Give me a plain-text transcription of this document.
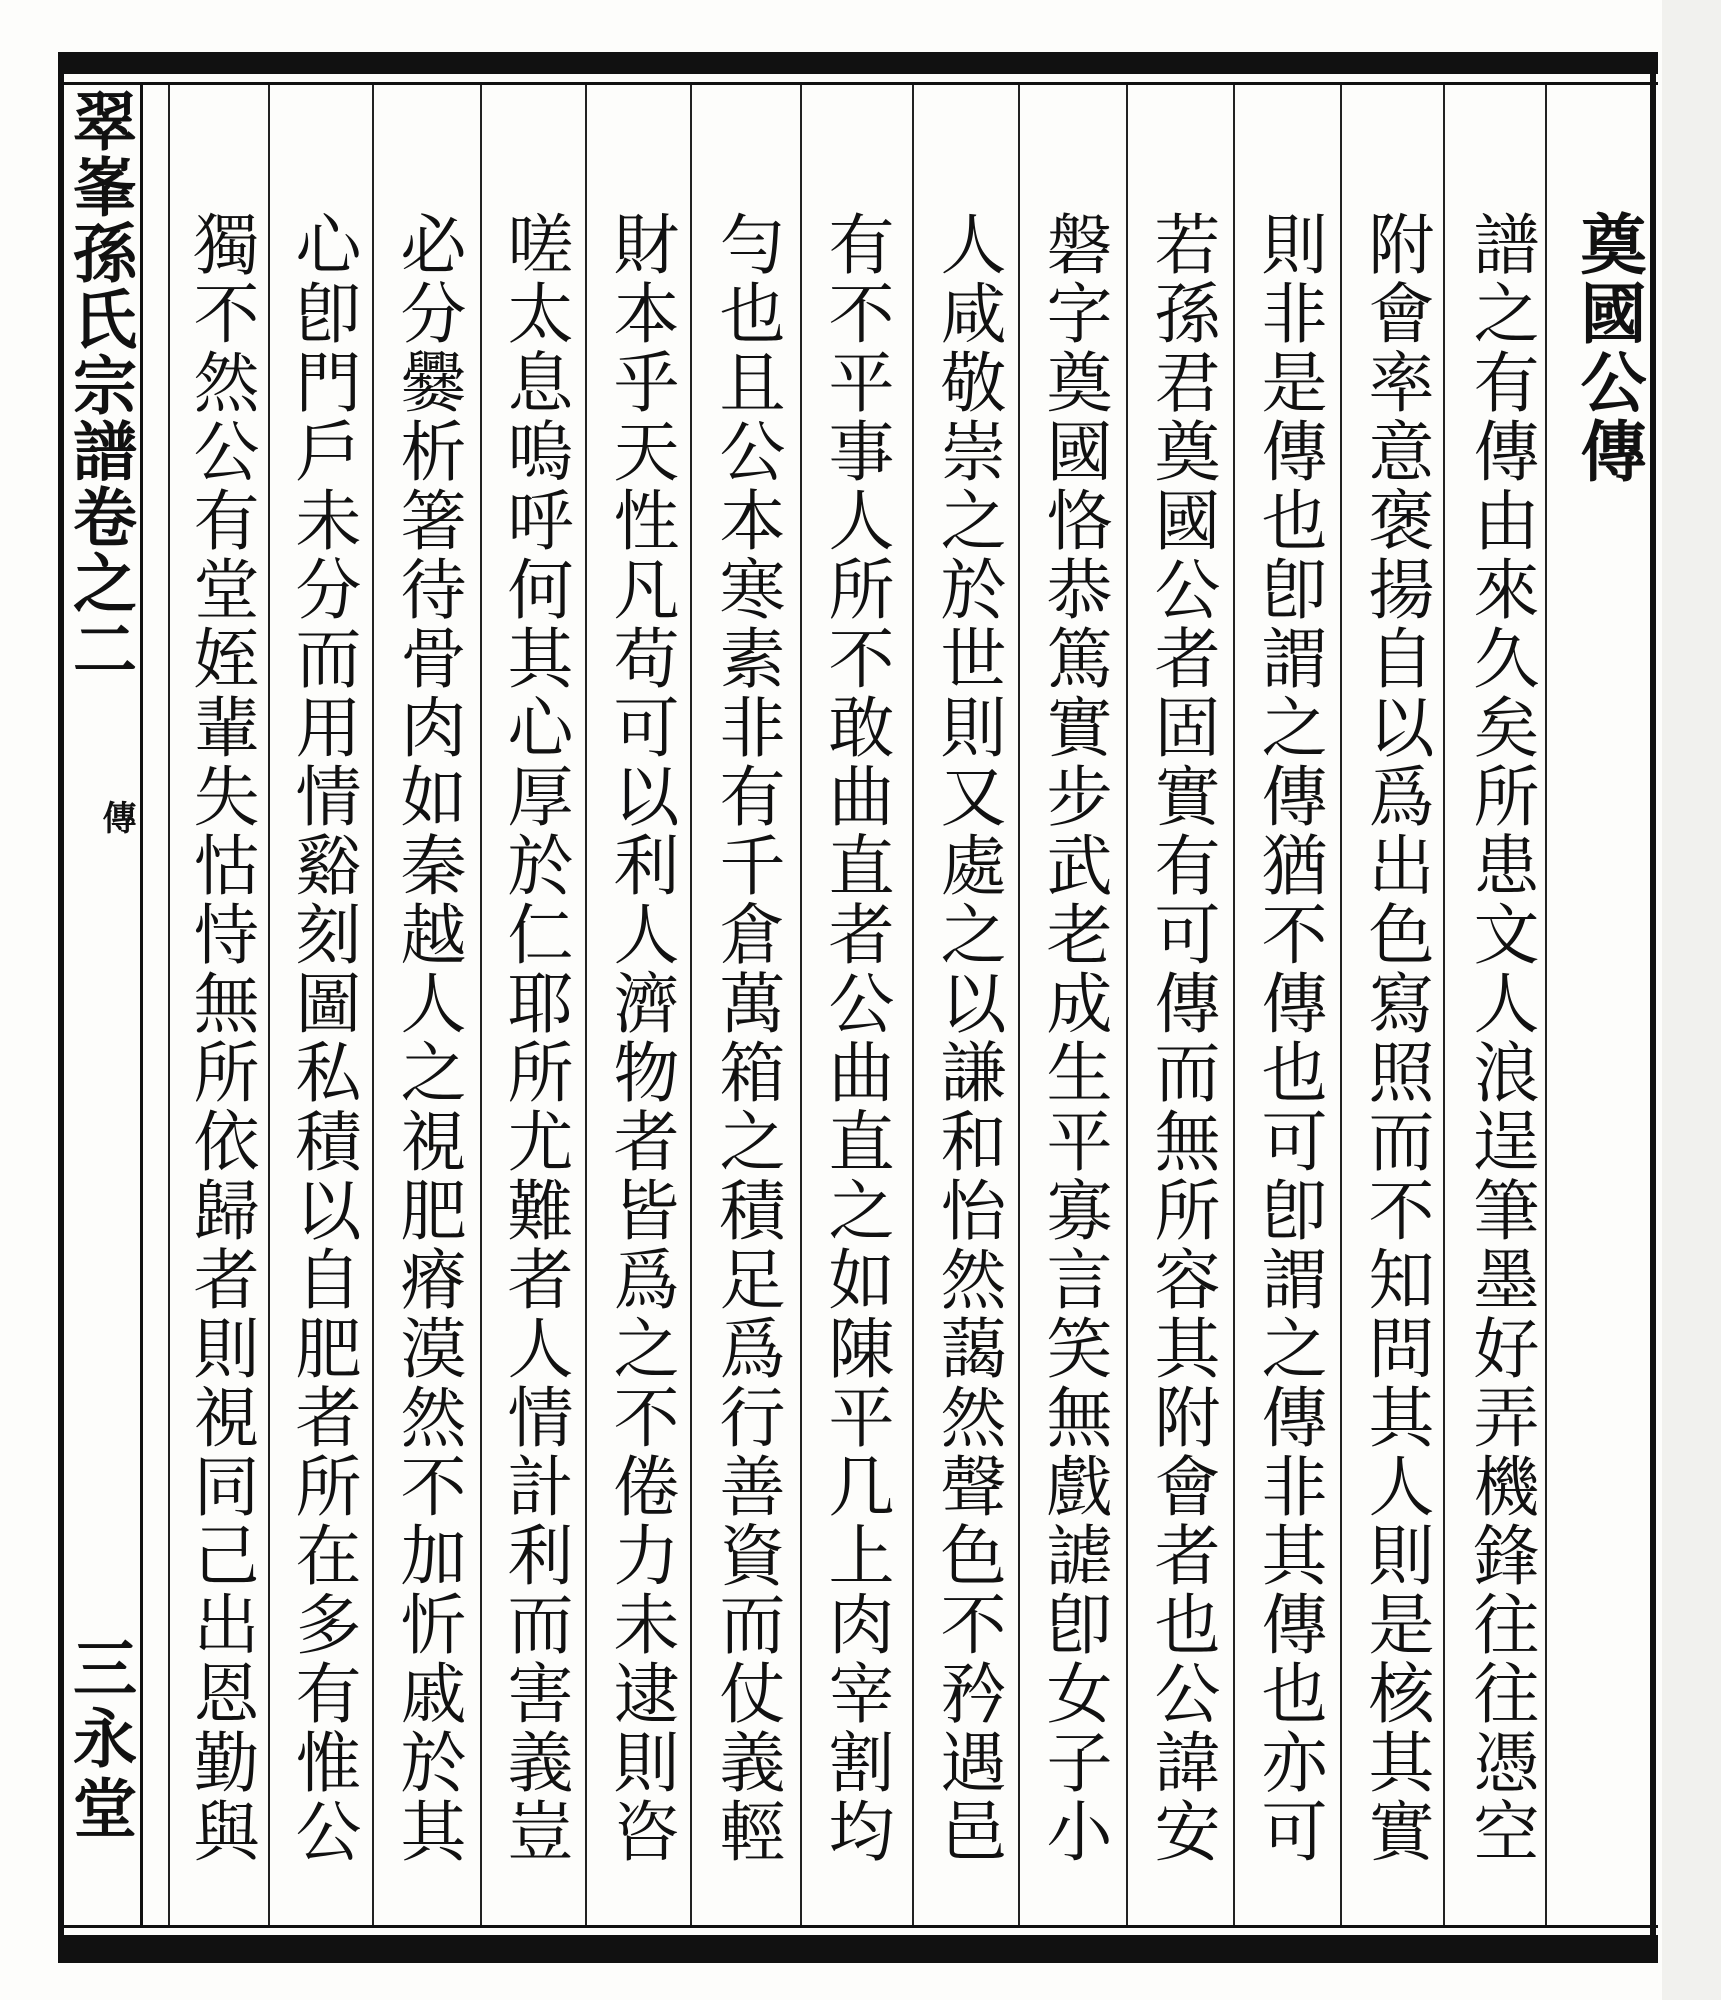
翠峯孫氏宗譜卷之二
傳
三永堂
奠國公傳
譜之有傳由來久矣所患文人浪逞筆墨好弄機鋒往往憑空
附會率意褒揚自以爲出色寫照而不知問其人則是核其實
則非是傳也卽謂之傳猶不傳也可卽謂之傳非其傳也亦可
若孫君奠國公者固實有可傳而無所容其附會者也公諱安
磐字奠國恪恭篤實步武老成生平寡言笑無戲謔卽女子小
人咸敬崇之於世則又處之以謙和怡然藹然聲色不矜遇邑
有不平事人所不敢曲直者公曲直之如陳平几上肉宰割均
勻也且公本寒素非有千倉萬箱之積足爲行善資而仗義輕
財本乎天性凡苟可以利人濟物者皆爲之不倦力未逮則咨
嗟太息嗚呼何其心厚於仁耶所尤難者人情計利而害義豈
必分爨析箸待骨肉如秦越人之視肥瘠漠然不加忻戚於其
心卽門戶未分而用情谿刻圖私積以自肥者所在多有惟公
獨不然公有堂姪輩失怙恃無所依歸者則視同己出恩勤與
